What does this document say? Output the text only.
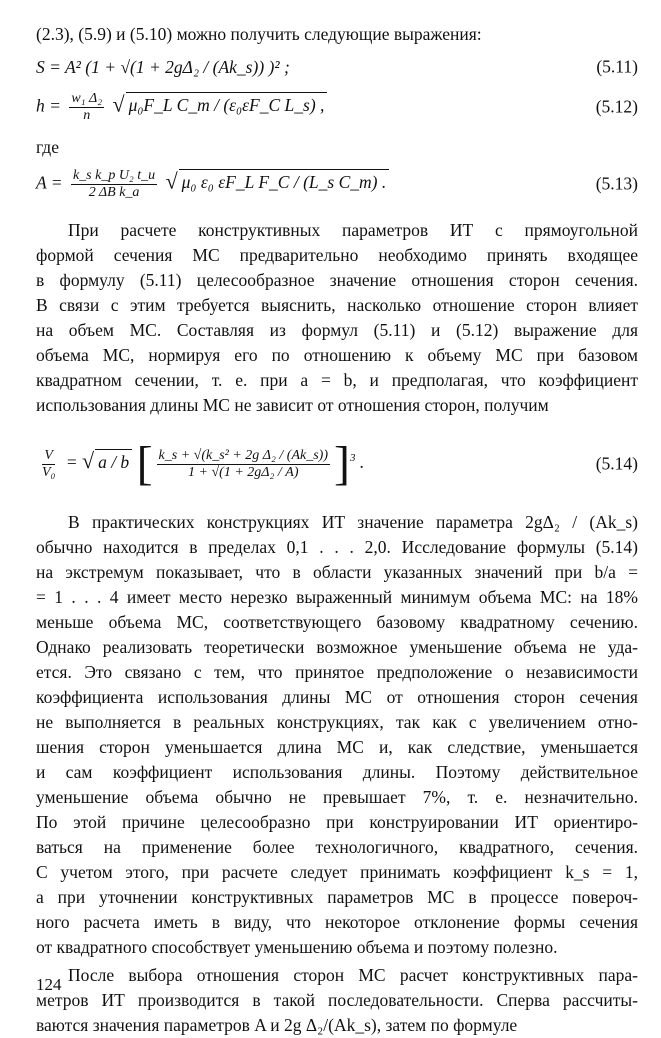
(2.3), (5.9) и (5.10) можно получить следующие выражения:
S = A² (1 + √(1 + 2gΔ₂ / (Ak_s)) )² ;	(5.11)
$h = \frac{\text{w₁ Δ₂}}{n}$ √ μ₀F_L C_т / (ε₀εF_C L_s) ,	(5.12)
где
$A = \frac{\text{k\_s k\_p U₂ t\_и}}{\text{2 ΔB k\_a}}$ √ μ₀ ε₀ εF_L F_C / (L_s C_т) .	(5.13)
При расчете конструктивных параметров ИТ с прямоугольной
формой сечения МС предварительно необходимо принять входящее
в формулу (5.11) целесообразное значение отношения сторон сечения.
В связи с этим требуется выяснить, насколько отношение сторон влияет
на объем МС. Составляя из формул (5.11) и (5.12) выражение для
объема МС, нормируя его по отношению к объему МС при базовом
квадратном сечении, т. е. при a = b, и предполагая, что коэффициент
использования длины МС не зависит от отношения сторон, получим
$\frac{V}{\text{V₀}}$ = √ a / b [ $\frac{\text{k\_s + √(k\_s² + 2g Δ₂ / (Ak\_s))}}{\text{1 + √(1 + 2gΔ₂ / A)}} ]^3$ .	(5.14)
В практических конструкциях ИТ значение параметра 2gΔ₂ / (Ak_s)
обычно находится в пределах 0,1 . . . 2,0. Исследование формулы (5.14)
на экстремум показывает, что в области указанных значений при b/a =
= 1 . . . 4 имеет место нерезко выраженный минимум объема МС: на 18%
меньше объема МС, соответствующего базовому квадратному сечению.
Однако реализовать теоретически возможное уменьшение объема не уда-
ется. Это связано с тем, что принятое предположение о независимости
коэффициента использования длины МС от отношения сторон сечения
не выполняется в реальных конструкциях, так как с увеличением отно-
шения сторон уменьшается длина МС и, как следствие, уменьшается
и сам коэффициент использования длины. Поэтому действительное
уменьшение объема обычно не превышает 7%, т. е. незначительно.
По этой причине целесообразно при конструировании ИТ ориентиро-
ваться на применение более технологичного, квадратного, сечения.
С учетом этого, при расчете следует принимать коэффициент k_s = 1,
а при уточнении конструктивных параметров МС в процессе повероч-
ного расчета иметь в виду, что некоторое отклонение формы сечения
от квадратного способствует уменьшению объема и поэтому полезно.
После выбора отношения сторон МС расчет конструктивных пара-
метров ИТ производится в такой последовательности. Сперва рассчиты-
ваются значения параметров A и 2g Δ₂/(Ak_s), затем по формуле
124
